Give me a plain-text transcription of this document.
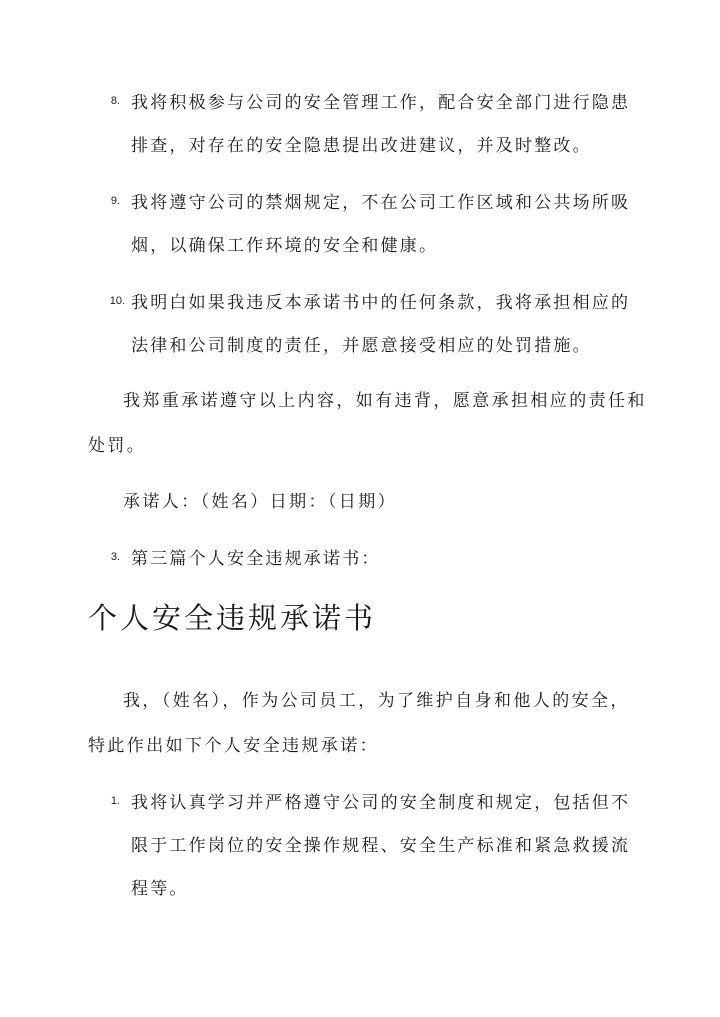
8. 我将积极参与公司的安全管理工作，配合安全部门进行隐患
排查，对存在的安全隐患提出改进建议，并及时整改。
9. 我将遵守公司的禁烟规定，不在公司工作区域和公共场所吸
烟，以确保工作环境的安全和健康。
10. 我明白如果我违反本承诺书中的任何条款，我将承担相应的
法律和公司制度的责任，并愿意接受相应的处罚措施。
我郑重承诺遵守以上内容，如有违背，愿意承担相应的责任和
处罚。
承诺人：（姓名）日期：（日期）
3. 第三篇个人安全违规承诺书：
个人安全违规承诺书
我，（姓名），作为公司员工，为了维护自身和他人的安全，
特此作出如下个人安全违规承诺：
1. 我将认真学习并严格遵守公司的安全制度和规定，包括但不
限于工作岗位的安全操作规程、安全生产标准和紧急救援流
程等。
